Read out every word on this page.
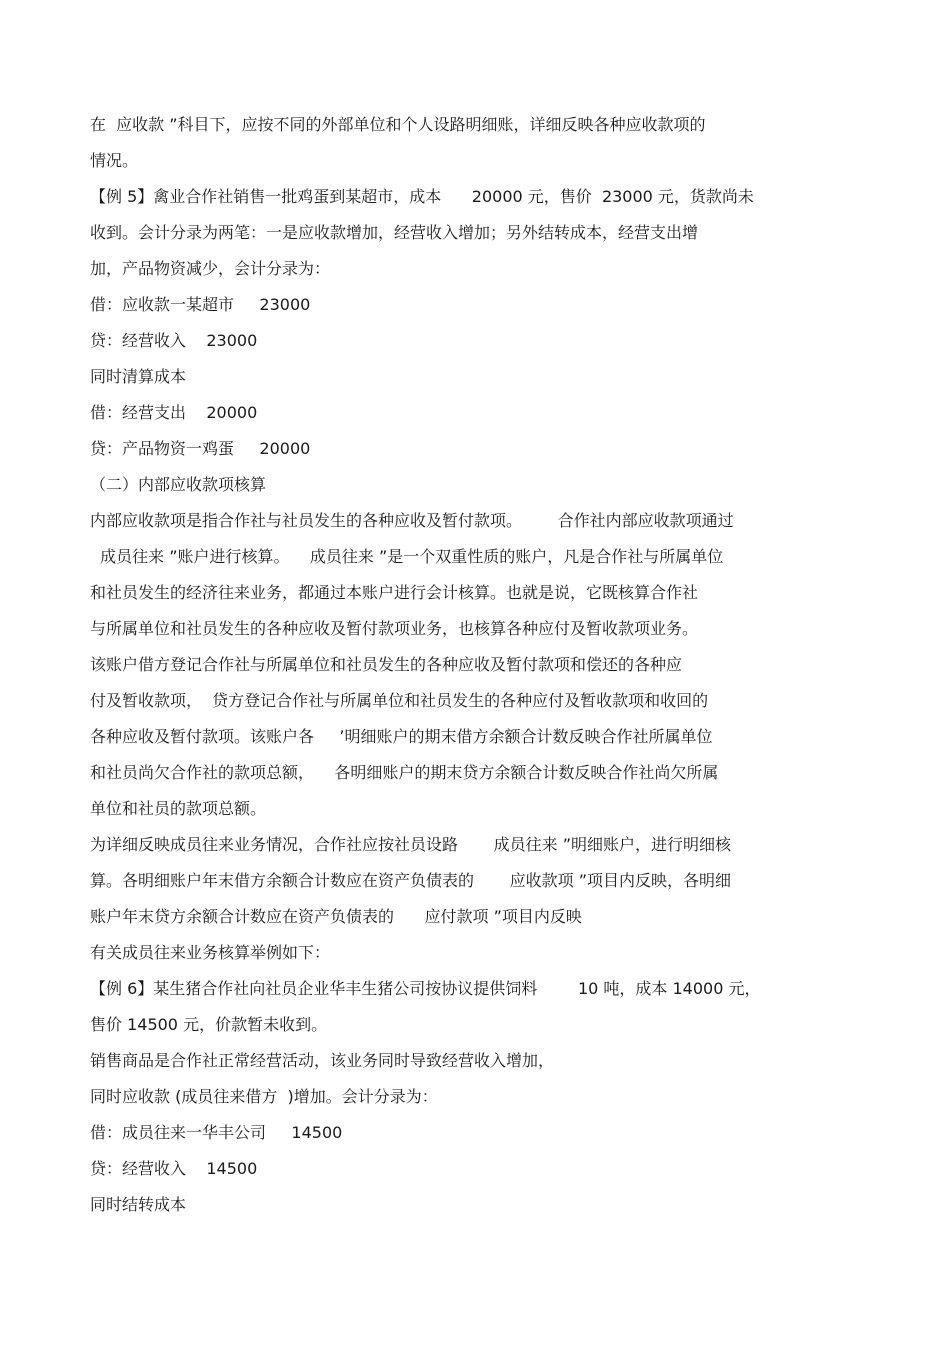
在  应收款 ”科目下，应按不同的外部单位和个人设路明细账，详细反映各种应收款项的
情况。
【例 5】禽业合作社销售一批鸡蛋到某超市，成本      20000 元，售价  23000 元，货款尚未
收到。会计分录为两笔：一是应收款增加，经营收入增加；另外结转成本，经营支出增
加，产品物资减少，会计分录为：
借：应收款一某超市     23000
贷：经营收入    23000
同时清算成本
借：经营支出    20000
贷：产品物资一鸡蛋     20000
（二）内部应收款项核算
内部应收款项是指合作社与社员发生的各种应收及暂付款项。       合作社内部应收款项通过
成员往来 ”账户进行核算。    成员往来 ”是一个双重性质的账户，凡是合作社与所属单位
和社员发生的经济往来业务，都通过本账户进行会计核算。也就是说，它既核算合作社
与所属单位和社员发生的各种应收及暂付款项业务，也核算各种应付及暂收款项业务。
该账户借方登记合作社与所属单位和社员发生的各种应收及暂付款项和偿还的各种应
付及暂收款项，  贷方登记合作社与所属单位和社员发生的各种应付及暂收款项和收回的
各种应收及暂付款项。该账户各     ’明细账户的期末借方余额合计数反映合作社所属单位
和社员尚欠合作社的款项总额，    各明细账户的期末贷方余额合计数反映合作社尚欠所属
单位和社员的款项总额。
为详细反映成员往来业务情况，合作社应按社员设路       成员往来 ”明细账户，进行明细核
算。各明细账户年末借方余额合计数应在资产负债表的       应收款项 ”项目内反映，各明细
账户年末贷方余额合计数应在资产负债表的      应付款项 ”项目内反映
有关成员往来业务核算举例如下：
【例 6】某生猪合作社向社员企业华丰生猪公司按协议提供饲料        10 吨，成本 14000 元，
售价 14500 元，价款暂未收到。
销售商品是合作社正常经营活动，该业务同时导致经营收入增加，
同时应收款 (成员往来借方  )增加。会计分录为：
借：成员往来一华丰公司     14500
贷：经营收入    14500
同时结转成本
